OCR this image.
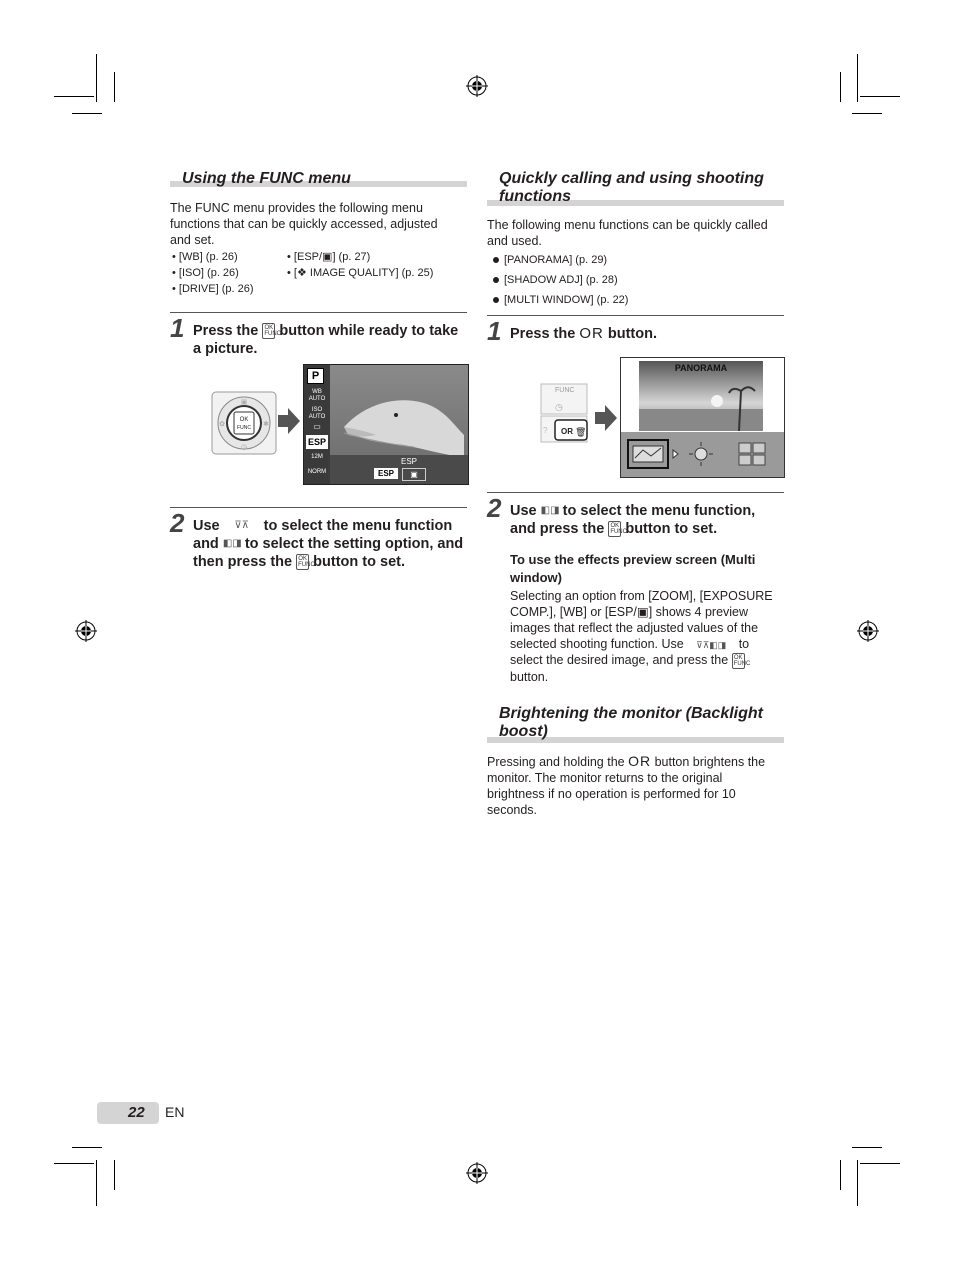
Using the FUNC menu
The FUNC menu provides the following menu functions that can be quickly accessed, adjusted and set.
• [WB] (p. 26)
• [ISO] (p. 26)
• [DRIVE] (p. 26)
• [ESP/▣] (p. 27)
• [❖ IMAGE QUALITY] (p. 25)
1 Press the OK
FUNC button while ready to take a picture.
OK
FUNC
▣
◷
✿	✱
P
WB AUTO
ISO AUTO
▭
ESP
12M
NORM
ESP
ESP	▣
2 Use ⊽⊼ to select the menu function and ◧◨ to select the setting option, and then press the OK
FUNC button to set.
Quickly calling and using shooting functions
The following menu functions can be quickly called and used.
[PANORAMA] (p. 29)
[SHADOW ADJ] (p. 28)
[MULTI WINDOW] (p. 22)
1 Press the OR button.
FUNC
◷
OR 🗑
?
PANORAMA
2 Use ◧◨ to select the menu function, and press the OK
FUNC button to set.
To use the effects preview screen (Multi window)
Selecting an option from [ZOOM], [EXPOSURE COMP.], [WB] or [ESP/▣] shows 4 preview images that reflect the adjusted values of the selected shooting function. Use ⊽⊼◧◨ to select the desired image, and press the OK
FUNC button.
Brightening the monitor (Backlight boost)
Pressing and holding the OR button brightens the monitor. The monitor returns to the original brightness if no operation is performed for 10 seconds.
22 EN
